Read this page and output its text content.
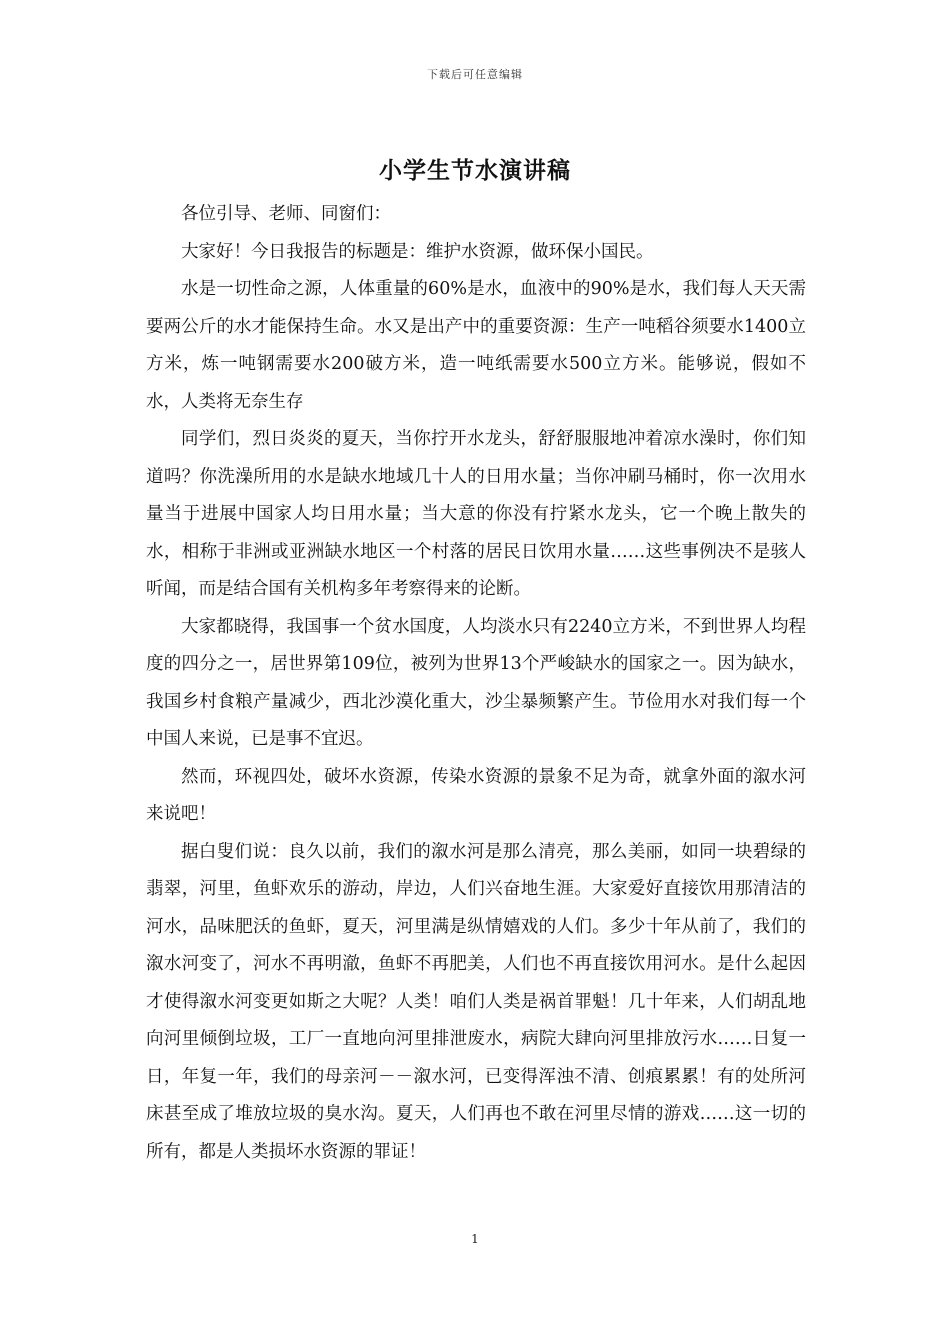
下载后可任意编辑
小学生节水演讲稿

各位引导、老师、同窗们：

大家好！今日我报告的标题是：维护水资源，做环保小国民。

水是一切性命之源，人体重量的60%是水，血液中的90%是水，我们每人天天需要两公斤的水才能保持生命。水又是出产中的重要资源：生产一吨稻谷须要水1400立方米，炼一吨钢需要水200破方米，造一吨纸需要水500立方米。能够说，假如不水，人类将无奈生存

同学们，烈日炎炎的夏天，当你拧开水龙头，舒舒服服地冲着凉水澡时，你们知道吗？你洗澡所用的水是缺水地域几十人的日用水量；当你冲刷马桶时，你一次用水量当于进展中国家人均日用水量；当大意的你没有拧紧水龙头，它一个晚上散失的水，相称于非洲或亚洲缺水地区一个村落的居民日饮用水量……这些事例决不是骇人听闻，而是结合国有关机构多年考察得来的论断。

大家都晓得，我国事一个贫水国度，人均淡水只有2240立方米，不到世界人均程度的四分之一，居世界第109位，被列为世界13个严峻缺水的国家之一。因为缺水，我国乡村食粮产量减少，西北沙漠化重大，沙尘暴频繁产生。节俭用水对我们每一个中国人来说，已是事不宜迟。

然而，环视四处，破坏水资源，传染水资源的景象不足为奇，就拿外面的溆水河来说吧！

据白叟们说：良久以前，我们的溆水河是那么清亮，那么美丽，如同一块碧绿的翡翠，河里，鱼虾欢乐的游动，岸边，人们兴奋地生涯。大家爱好直接饮用那清洁的河水，品味肥沃的鱼虾，夏天，河里满是纵情嬉戏的人们。多少十年从前了，我们的溆水河变了，河水不再明澈，鱼虾不再肥美，人们也不再直接饮用河水。是什么起因才使得溆水河变更如斯之大呢？人类！咱们人类是祸首罪魁！几十年来，人们胡乱地向河里倾倒垃圾，工厂一直地向河里排泄废水，病院大肆向河里排放污水……日复一日，年复一年，我们的母亲河－－溆水河，已变得浑浊不清、创痕累累！有的处所河床甚至成了堆放垃圾的臭水沟。夏天，人们再也不敢在河里尽情的游戏……这一切的所有，都是人类损坏水资源的罪证！

1
